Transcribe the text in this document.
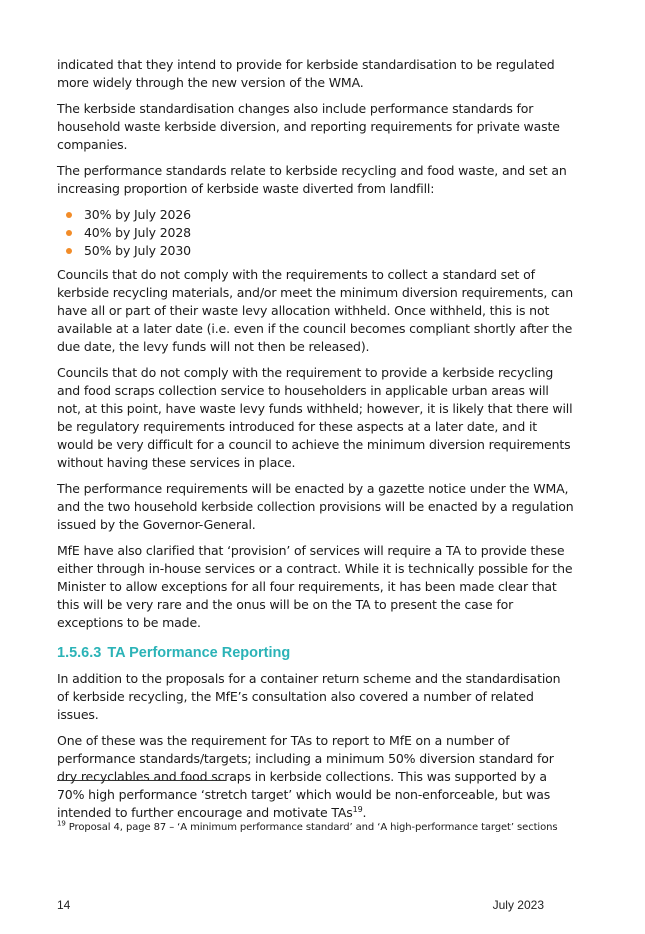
indicated that they intend to provide for kerbside standardisation to be regulated more widely through the new version of the WMA.

The kerbside standardisation changes also include performance standards for household waste kerbside diversion, and reporting requirements for private waste companies.

The performance standards relate to kerbside recycling and food waste, and set an increasing proportion of kerbside waste diverted from landfill:

30% by July 2026
40% by July 2028
50% by July 2030

Councils that do not comply with the requirements to collect a standard set of kerbside recycling materials, and/or meet the minimum diversion requirements, can have all or part of their waste levy allocation withheld. Once withheld, this is not available at a later date (i.e. even if the council becomes compliant shortly after the due date, the levy funds will not then be released).

Councils that do not comply with the requirement to provide a kerbside recycling and food scraps collection service to householders in applicable urban areas will not, at this point, have waste levy funds withheld; however, it is likely that there will be regulatory requirements introduced for these aspects at a later date, and it would be very difficult for a council to achieve the minimum diversion requirements without having these services in place.

The performance requirements will be enacted by a gazette notice under the WMA, and the two household kerbside collection provisions will be enacted by a regulation issued by the Governor-General.

MfE have also clarified that ‘provision’ of services will require a TA to provide these either through in-house services or a contract. While it is technically possible for the Minister to allow exceptions for all four requirements, it has been made clear that this will be very rare and the onus will be on the TA to present the case for exceptions to be made.

1.5.6.3 TA Performance Reporting

In addition to the proposals for a container return scheme and the standardisation of kerbside recycling, the MfE’s consultation also covered a number of related issues.

One of these was the requirement for TAs to report to MfE on a number of performance standards/targets; including a minimum 50% diversion standard for dry recyclables and food scraps in kerbside collections. This was supported by a 70% high performance ‘stretch target’ which would be non-enforceable, but was intended to further encourage and motivate TAs$^{19}$.

$^{19}$ Proposal 4, page 87 – ‘A minimum performance standard’ and ‘A high-performance target’ sections
14	July 2023
